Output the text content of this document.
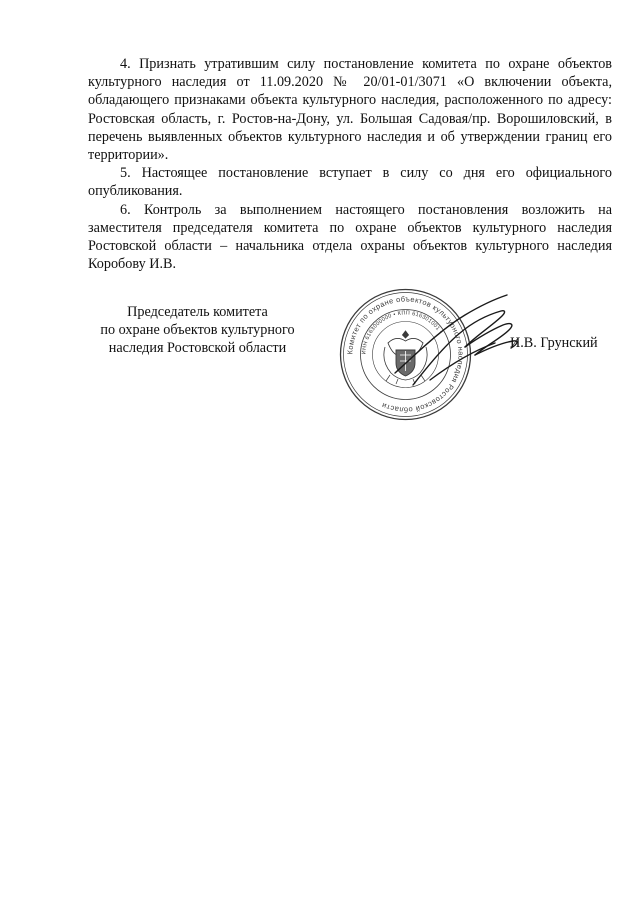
4. Признать утратившим силу постановление комитета по охране объектов культурного наследия от 11.09.2020 № 20/01-01/3071 «О включении объекта, обладающего признаками объекта культурного наследия, расположенного по адресу: Ростовская область, г. Ростов-на-Дону, ул. Большая Садовая/пр. Ворошиловский, в перечень выявленных объектов культурного наследия и об утверждении границ его территории».

5. Настоящее постановление вступает в силу со дня его официального опубликования.

6. Контроль за выполнением настоящего постановления возложить на заместителя председателя комитета по охране объектов культурного наследия Ростовской области – начальника отдела охраны объектов культурного наследия Коробову И.В.

Председатель комитета
по охране объектов культурного
наследия Ростовской области	Комитет по охране объектов культурного наследия Ростовской области
ИНН 6163000000 • КПП 616301001 •
И.В. Грунский
